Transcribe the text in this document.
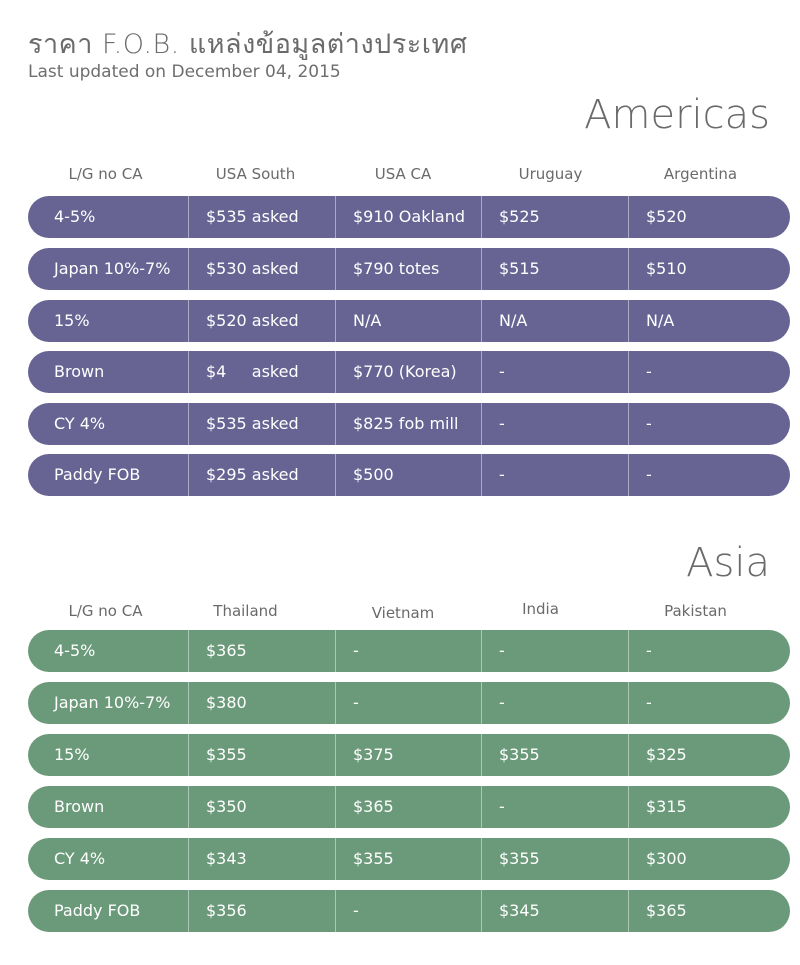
ราคา F.O.B. แหล่งข้อมูลต่างประเทศ
Last updated on December 04, 2015
Americas
L/G no CA	USA South	USA CA	Uruguay	Argentina
4-5%	$535 asked	$910 Oakland	$525	$520
Japan 10%-7%	$530 asked	$790 totes	$515	$510
15%	$520 asked	N/A	N/A	N/A
Brown	$4     asked	$770 (Korea)	-	-
CY 4%	$535 asked	$825 fob mill	-	-
Paddy FOB	$295 asked	$500	-	-
Asia
L/G no CA	Thailand	Vietnam	India	Pakistan
4-5%	$365	-	-	-
Japan 10%-7%	$380	-	-	-
15%	$355	$375	$355	$325
Brown	$350	$365	-	$315
CY 4%	$343	$355	$355	$300
Paddy FOB	$356	-	$345	$365
